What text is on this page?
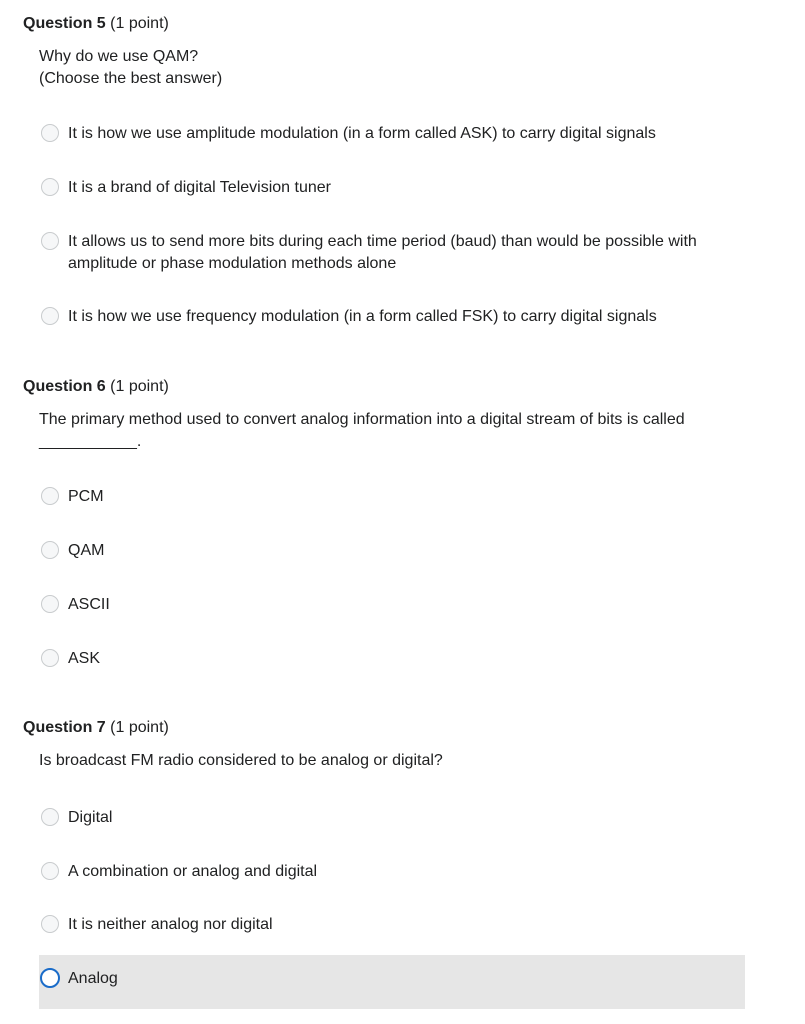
Question 5 (1 point)
Why do we use QAM?
(Choose the best answer)
It is how we use amplitude modulation (in a form called ASK) to carry digital signals
It is a brand of digital Television tuner
It allows us to send more bits during each time period (baud) than would be possible with amplitude or phase modulation methods alone
It is how we use frequency modulation (in a form called FSK) to carry digital signals
Question 6 (1 point)
The primary method used to convert analog information into a digital stream of bits is called ___________.
PCM
QAM
ASCII
ASK
Question 7 (1 point)
Is broadcast FM radio considered to be analog or digital?
Digital
A combination or analog and digital
It is neither analog nor digital
Analog
